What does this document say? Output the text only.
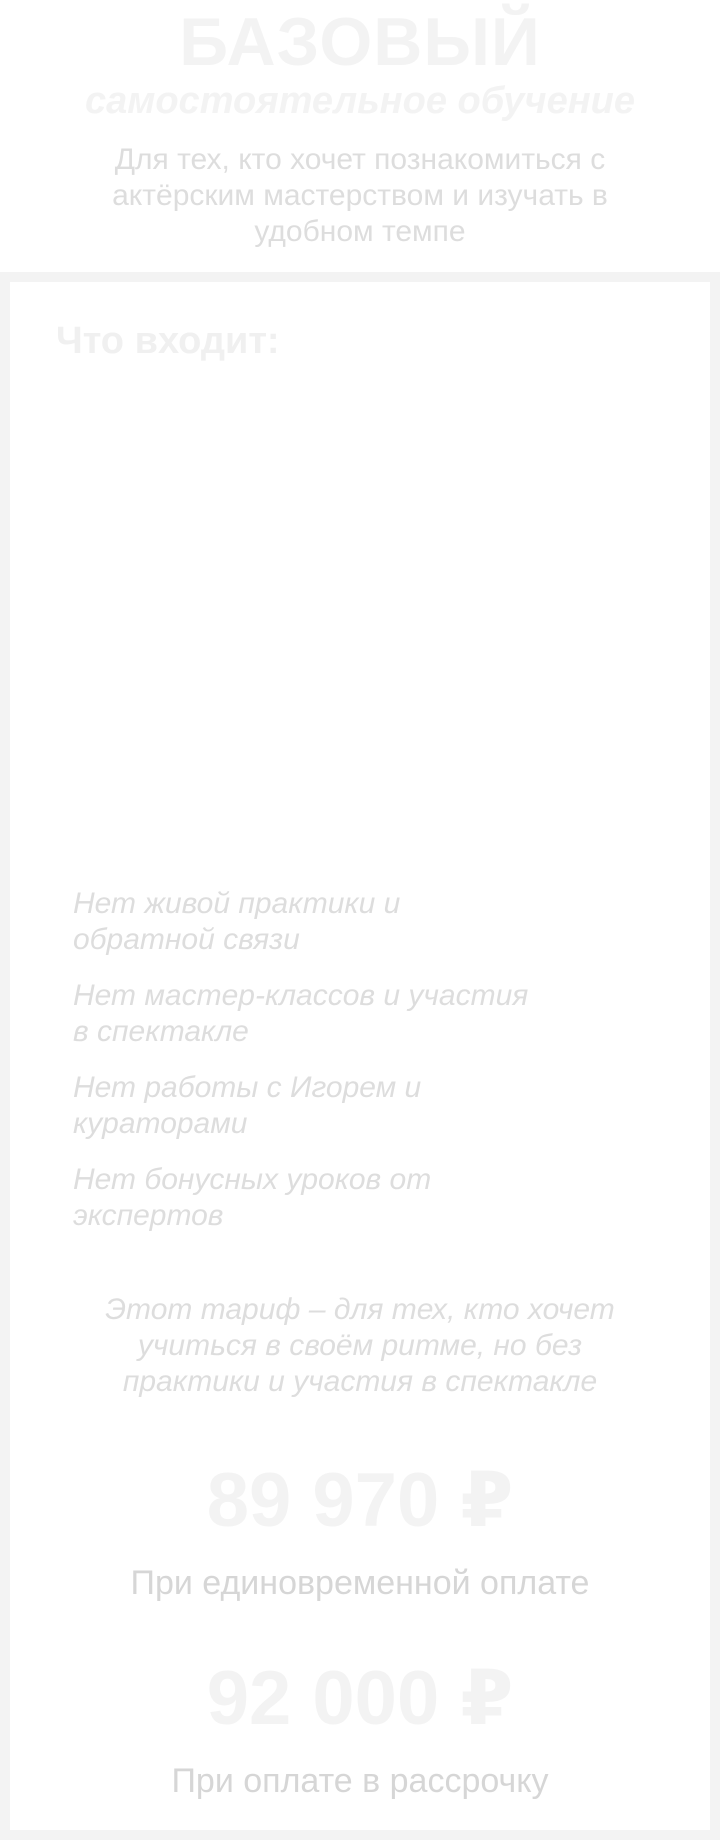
БАЗОВЫЙ
самостоятельное обучение
Для тех, кто хочет познакомиться с актёрским мастерством и изучать в удобном темпе
Что входит:
Нет живой практики и обратной связи
Нет мастер-классов и участия в спектакле
Нет работы с Игорем и кураторами
Нет бонусных уроков от экспертов
Этот тариф – для тех, кто хочет учиться в своём ритме, но без практики и участия в спектакле
89 970 ₽
При единовременной оплате
92 000 ₽
При оплате в рассрочку
